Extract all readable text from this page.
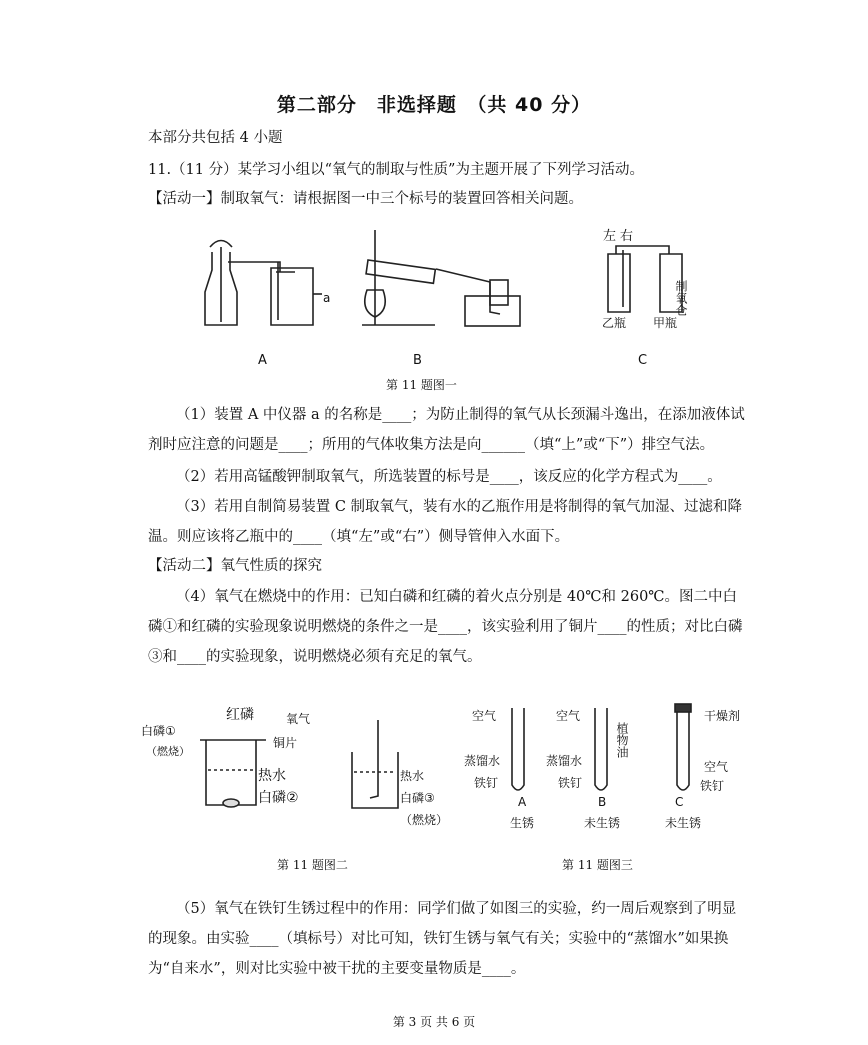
第二部分　非选择题　（共 40 分）
本部分共包括 4 小题
11.（11 分）某学习小组以“氧气的制取与性质”为主题开展了下列学习活动。
【活动一】制取氧气：请根据图一中三个标号的装置回答相关问题。
a
A	B
左 右
制氧仓
乙瓶 甲瓶
C
第 11 题图一
（1）装置 A 中仪器 a 的名称是____；为防止制得的氧气从长颈漏斗逸出，在添加液体试剂时应注意的问题是____；所用的气体收集方法是向______（填“上”或“下”）排空气法。
（2）若用高锰酸钾制取氧气，所选装置的标号是____，该反应的化学方程式为____。
（3）若用自制简易装置 C 制取氧气，装有水的乙瓶作用是将制得的氧气加湿、过滤和降温。则应该将乙瓶中的____（填“左”或“右”）侧导管伸入水面下。
【活动二】氧气性质的探究
（4）氧气在燃烧中的作用：已知白磷和红磷的着火点分别是 40℃和 260℃。图二中白磷①和红磷的实验现象说明燃烧的条件之一是____，该实验利用了铜片____的性质；对比白磷③和____的实验现象，说明燃烧必须有充足的氧气。
红磷
白磷①
（燃烧）
铜片
热水
白磷②
氧气
热水
白磷③
（燃烧）
第 11 题图二
空气
蒸馏水
铁钉
A
生锈
空气
植物油
蒸馏水
铁钉
B
未生锈
干燥剂
空气
铁钉
C
未生锈
第 11 题图三
（5）氧气在铁钉生锈过程中的作用：同学们做了如图三的实验，约一周后观察到了明显的现象。由实验____（填标号）对比可知，铁钉生锈与氧气有关；实验中的“蒸馏水”如果换为“自来水”，则对比实验中被干扰的主要变量物质是____。
第 3 页 共 6 页
